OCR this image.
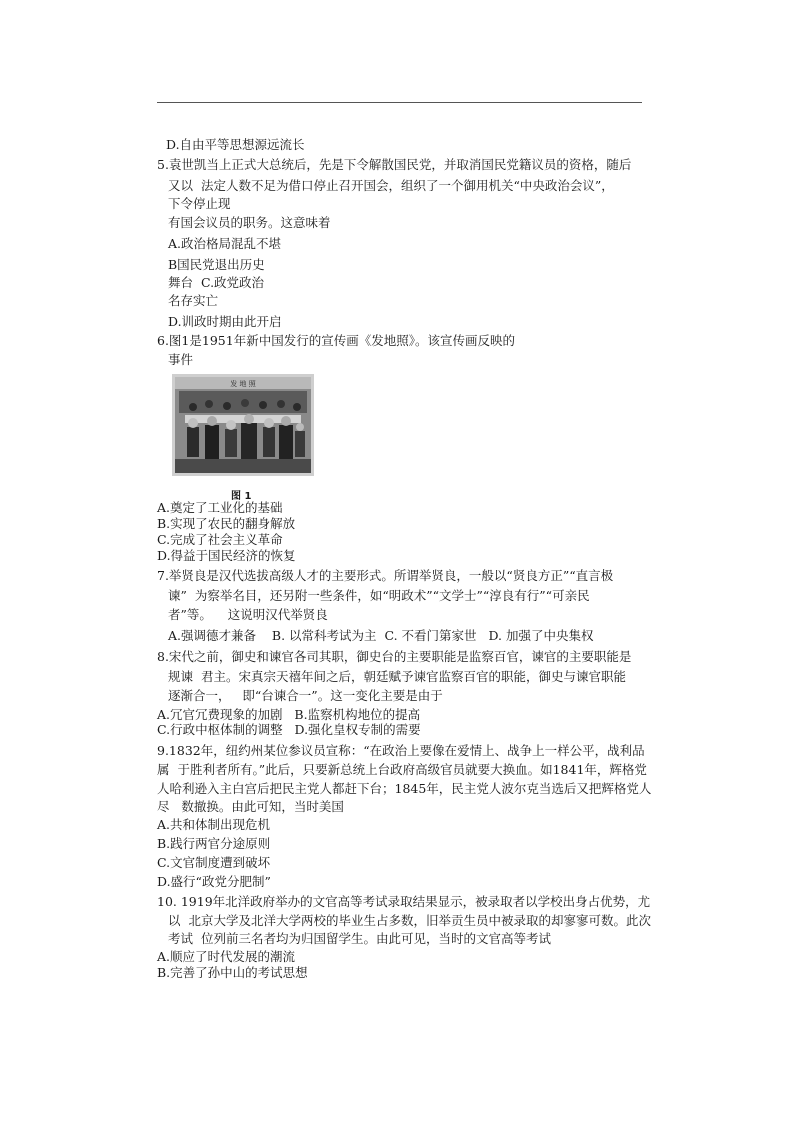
D.自由平等思想源远流长
5.袁世凯当上正式大总统后，先是下令解散国民党，并取消国民党籍议员的资格，随后
又以  法定人数不足为借口停止召开国会，组织了一个御用机关“中央政治会议”，
下令停止现
有国会议员的职务。这意味着
A.政治格局混乱不堪
B国民党退出历史
舞台  C.政党政治
名存实亡
D.训政时期由此开启
6.图1是1951年新中国发行的宣传画《发地照》。该宣传画反映的
事件
发 地 照
图 1
A.奠定了工业化的基础
B.实现了农民的翻身解放
C.完成了社会主义革命
D.得益于国民经济的恢复
7.举贤良是汉代选拔高级人才的主要形式。所谓举贤良，一般以“贤良方正”“直言极
谏”  为察举名目，还另附一些条件，如“明政术”“文学士”“淳良有行”“可亲民
者”等。    这说明汉代举贤良
A.强调德才兼备    B. 以常科考试为主  C. 不看门第家世   D. 加强了中央集权
8.宋代之前，御史和谏官各司其职，御史台的主要职能是监察百官，谏官的主要职能是
规谏  君主。宋真宗天禧年间之后，朝廷赋予谏官监察百官的职能，御史与谏官职能
逐渐合一，   即“台谏合一”。这一变化主要是由于
A.冗官冗费现象的加剧   B.监察机构地位的提高
C.行政中枢体制的调整   D.强化皇权专制的需要
9.1832年，纽约州某位参议员宣称：“在政治上要像在爱情上、战争上一样公平，战利品
属  于胜利者所有。”此后，只要新总统上台政府高级官员就要大换血。如1841年，辉格党
人哈利逊入主白宫后把民主党人都赶下台；1845年，民主党人波尔克当选后又把辉格党人
尽   数撤换。由此可知，当时美国
A.共和体制出现危机
B.践行两官分途原则
C.文官制度遭到破坏
D.盛行“政党分肥制”
10. 1919年北洋政府举办的文官高等考试录取结果显示，被录取者以学校出身占优势，尤
以  北京大学及北洋大学两校的毕业生占多数，旧举贡生员中被录取的却寥寥可数。此次
考试  位列前三名者均为归国留学生。由此可见，当时的文官高等考试
A.顺应了时代发展的潮流
B.完善了孙中山的考试思想
